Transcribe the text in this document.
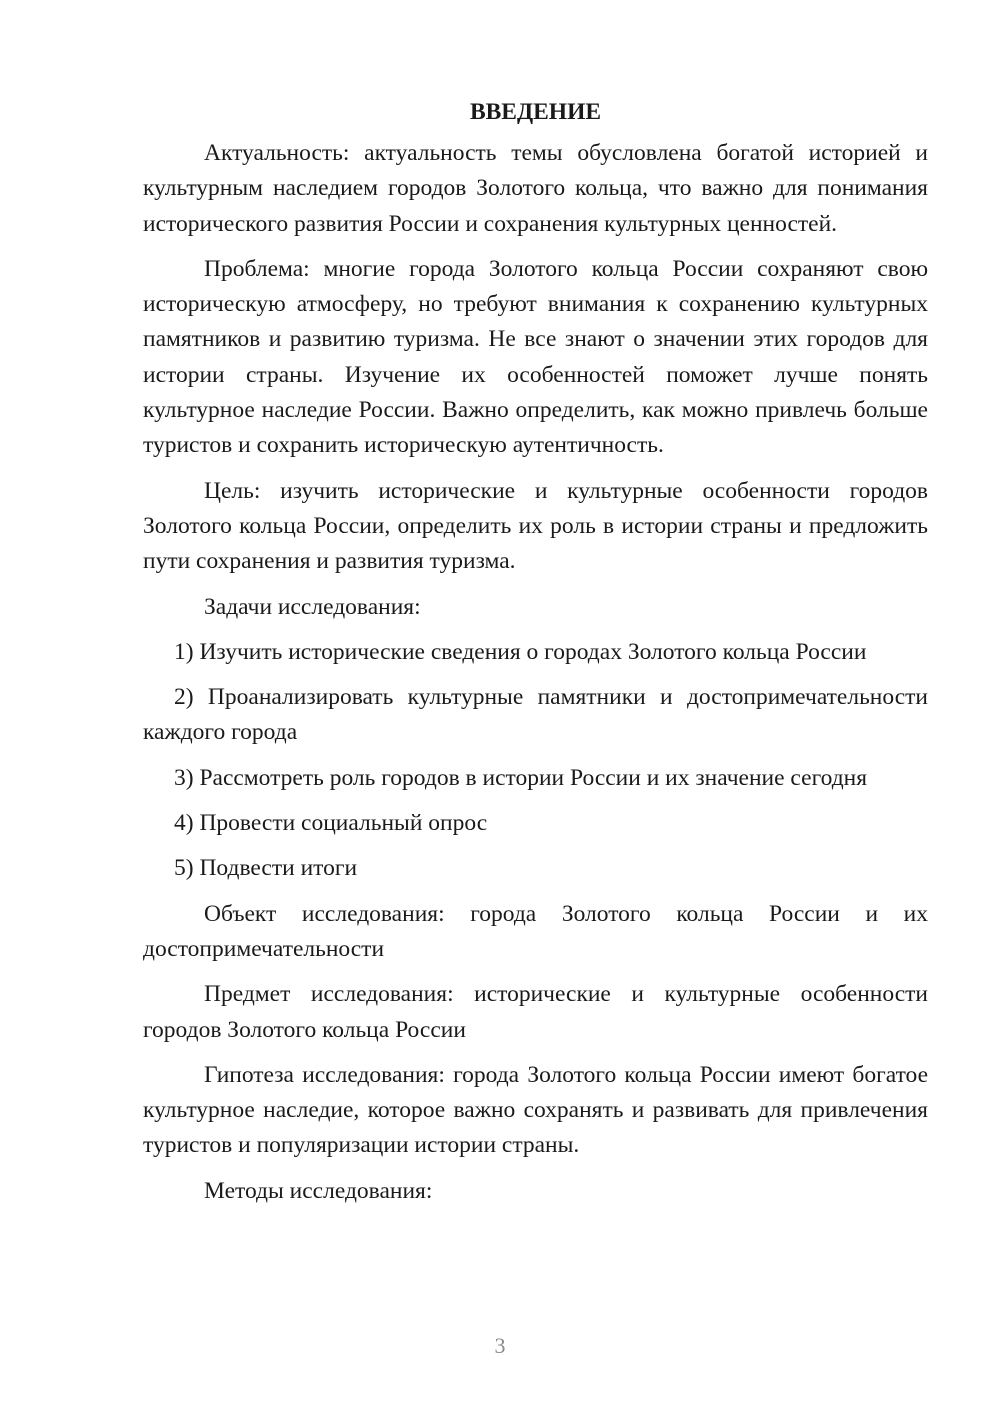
ВВЕДЕНИЕ

Актуальность: актуальность темы обусловлена богатой историей и культурным наследием городов Золотого кольца, что важно для понимания исторического развития России и сохранения культурных ценностей.

Проблема: многие города Золотого кольца России сохраняют свою историческую атмосферу, но требуют внимания к сохранению культурных памятников и развитию туризма. Не все знают о значении этих городов для истории страны. Изучение их особенностей поможет лучше понять культурное наследие России. Важно определить, как можно привлечь больше туристов и сохранить историческую аутентичность.

Цель: изучить исторические и культурные особенности городов Золотого кольца России, определить их роль в истории страны и предложить пути сохранения и развития туризма.

Задачи исследования:

1) Изучить исторические сведения о городах Золотого кольца России

2) Проанализировать культурные памятники и достопримечательности каждого города

3) Рассмотреть роль городов в истории России и их значение сегодня

4) Провести социальный опрос

5) Подвести итоги

Объект исследования: города Золотого кольца России и их достопримечательности

Предмет исследования: исторические и культурные особенности городов Золотого кольца России

Гипотеза исследования: города Золотого кольца России имеют богатое культурное наследие, которое важно сохранять и развивать для привлечения туристов и популяризации истории страны.

Методы исследования:

3
